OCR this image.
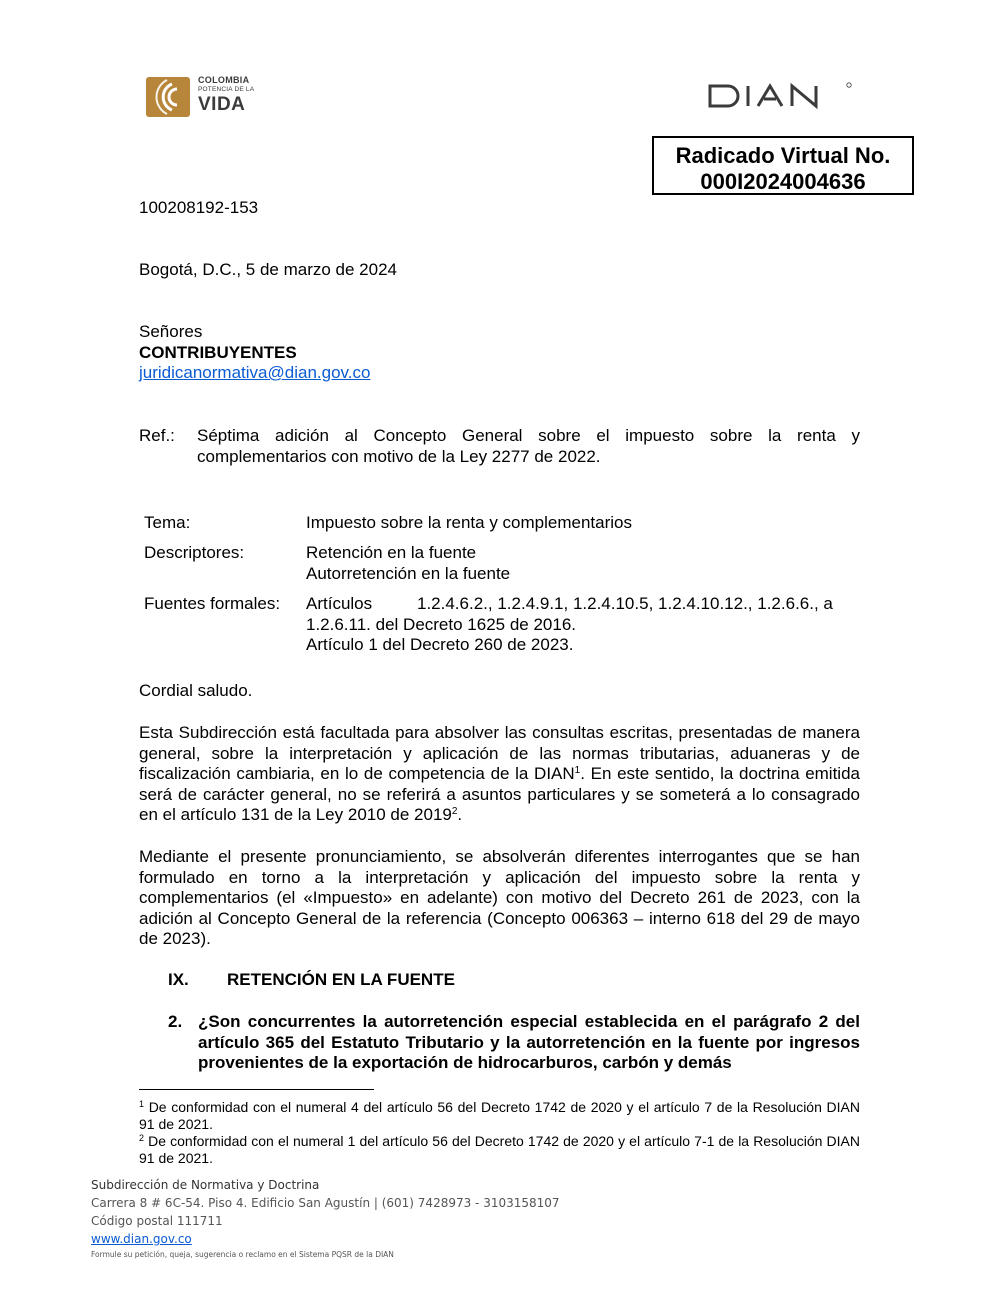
COLOMBIA
POTENCIA DE LA
VIDA
Radicado Virtual No.
000I2024004636
100208192-153
Bogotá, D.C., 5 de marzo de 2024
Señores
CONTRIBUYENTES
juridicanormativa@dian.gov.co
Ref.: Séptima adición al Concepto General sobre el impuesto sobre la renta y complementarios con motivo de la Ley 2277 de 2022.
Tema:	Impuesto sobre la renta y complementarios
Descriptores:	Retención en la fuente
Autorretención en la fuente
Fuentes formales: Artículos	1.2.4.6.2., 1.2.4.9.1, 1.2.4.10.5, 1.2.4.10.12., 1.2.6.6., a
1.2.6.11. del Decreto 1625 de 2016.
Artículo 1 del Decreto 260 de 2023.
Cordial saludo.
Esta Subdirección está facultada para absolver las consultas escritas, presentadas de manera general, sobre la interpretación y aplicación de las normas tributarias, aduaneras y de fiscalización cambiaria, en lo de competencia de la DIAN$^1$. En este sentido, la doctrina emitida será de carácter general, no se referirá a asuntos particulares y se someterá a lo consagrado en el artículo 131 de la Ley 2010 de 2019$^2$.
Mediante el presente pronunciamiento, se absolverán diferentes interrogantes que se han formulado en torno a la interpretación y aplicación del impuesto sobre la renta y complementarios (el «Impuesto» en adelante) con motivo del Decreto 261 de 2023, con la adición al Concepto General de la referencia (Concepto 006363 – interno 618 del 29 de mayo de 2023).
IX. RETENCIÓN EN LA FUENTE
2. ¿Son concurrentes la autorretención especial establecida en el parágrafo 2 del artículo 365 del Estatuto Tributario y la autorretención en la fuente por ingresos provenientes de la exportación de hidrocarburos, carbón y demás
$^1$ De conformidad con el numeral 4 del artículo 56 del Decreto 1742 de 2020 y el artículo 7 de la Resolución DIAN 91 de 2021.
$^2$ De conformidad con el numeral 1 del artículo 56 del Decreto 1742 de 2020 y el artículo 7-1 de la Resolución DIAN 91 de 2021.
Subdirección de Normativa y Doctrina
Carrera 8 # 6C-54. Piso 4. Edificio San Agustín | (601) 7428973 - 3103158107
Código postal 111711
www.dian.gov.co
Formule su petición, queja, sugerencia o reclamo en el Sistema PQSR de la DIAN
